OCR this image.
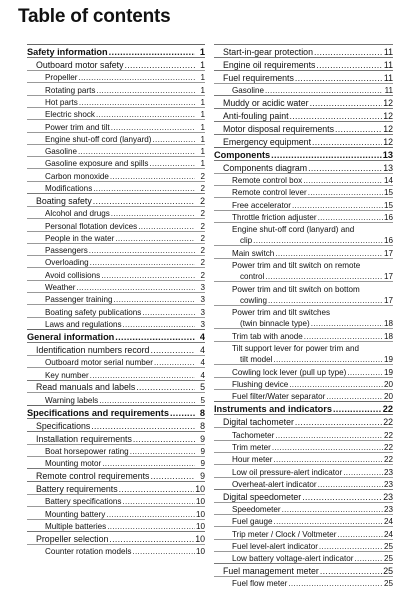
Table of contents
Safety information .....	1
Outboard motor safety .....	1
Propeller .....	1
Rotating parts .....	1
Hot parts .....	1
Electric shock .....	1
Power trim and tilt .....	1
Engine shut-off cord (lanyard) .....	1
Gasoline .....	1
Gasoline exposure and spills .....	1
Carbon monoxide .....	2
Modifications .....	2
Boating safety .....	2
Alcohol and drugs .....	2
Personal flotation devices .....	2
People in the water .....	2
Passengers .....	2
Overloading .....	2
Avoid collisions .....	2
Weather .....	3
Passenger training .....	3
Boating safety publications .....	3
Laws and regulations .....	3
General information .....	4
Identification numbers record .....	4
Outboard motor serial number .....	4
Key number .....	4
Read manuals and labels .....	5
Warning labels .....	5
Specifications and requirements .....	8
Specifications .....	8
Installation requirements .....	9
Boat horsepower rating .....	9
Mounting motor .....	9
Remote control requirements .....	9
Battery requirements .....	10
Battery specifications .....	10
Mounting battery .....	10
Multiple batteries .....	10
Propeller selection .....	10
Counter rotation models .....	10
Start-in-gear protection .....	11
Engine oil requirements .....	11
Fuel requirements .....	11
Gasoline .....	11
Muddy or acidic water .....	12
Anti-fouling paint .....	12
Motor disposal requirements .....	12
Emergency equipment .....	12
Components .....	13
Components diagram .....	13
Remote control box .....	14
Remote control lever .....	15
Free accelerator .....	15
Throttle friction adjuster .....	16
Engine shut-off cord (lanyard) and
clip .....	16
Main switch .....	17
Power trim and tilt switch on remote
control .....	17
Power trim and tilt switch on bottom
cowling .....	17
Power trim and tilt switches
(twin binnacle type) .....	18
Trim tab with anode .....	18
Tilt support lever for power trim and
tilt model .....	19
Cowling lock lever (pull up type) .....	19
Flushing device .....	20
Fuel filter/Water separator .....	20
Instruments and indicators .....	22
Digital tachometer .....	22
Tachometer .....	22
Trim meter .....	22
Hour meter .....	22
Low oil pressure-alert indicator .....	23
Overheat-alert indicator .....	23
Digital speedometer .....	23
Speedometer .....	23
Fuel gauge .....	24
Trip meter / Clock / Voltmeter .....	24
Fuel level-alert indicator .....	25
Low battery voltage-alert indicator .....	25
Fuel management meter .....	25
Fuel flow meter .....	25
